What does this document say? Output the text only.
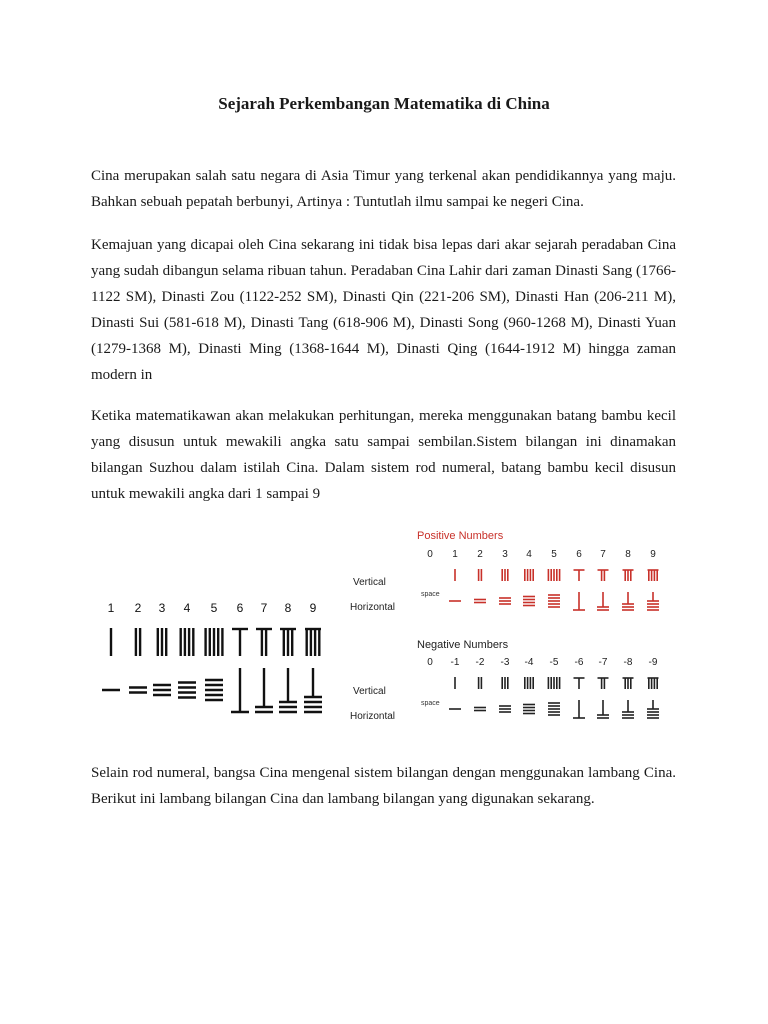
Sejarah Perkembangan Matematika di China

Cina merupakan salah satu negara di Asia Timur yang terkenal akan pendidikannya yang maju. Bahkan sebuah pepatah berbunyi, Artinya : Tuntutlah ilmu sampai ke negeri Cina.

Kemajuan yang dicapai oleh Cina sekarang ini tidak bisa lepas dari akar sejarah peradaban Cina yang sudah dibangun selama ribuan tahun. Peradaban Cina Lahir dari zaman Dinasti Sang (1766-1122 SM), Dinasti Zou (1122-252 SM), Dinasti Qin (221-206 SM), Dinasti Han (206-211 M), Dinasti Sui (581-618 M), Dinasti Tang (618-906 M), Dinasti Song (960-1268 M), Dinasti Yuan (1279-1368 M), Dinasti Ming (1368-1644 M), Dinasti Qing (1644-1912 M) hingga zaman modern in

Ketika matematikawan akan melakukan perhitungan, mereka menggunakan batang bambu kecil yang disusun untuk mewakili angka satu sampai sembilan.Sistem bilangan ini dinamakan bilangan Suzhou dalam istilah Cina. Dalam sistem rod numeral, batang bambu kecil disusun untuk mewakili angka dari 1 sampai 9

1 2 3 4 5 6 7 8 9
Positive Numbers
Vertical
space
Horizontal
Negative Numbers
Vertical
space
Horizontal
0 1 2 3 4 5 6 7 8 9
0 -1 -2 -3 -4 -5 -6 -7 -8 -9

Selain rod numeral, bangsa Cina mengenal sistem bilangan dengan menggunakan lambang Cina. Berikut ini lambang bilangan Cina dan lambang bilangan yang digunakan sekarang.
